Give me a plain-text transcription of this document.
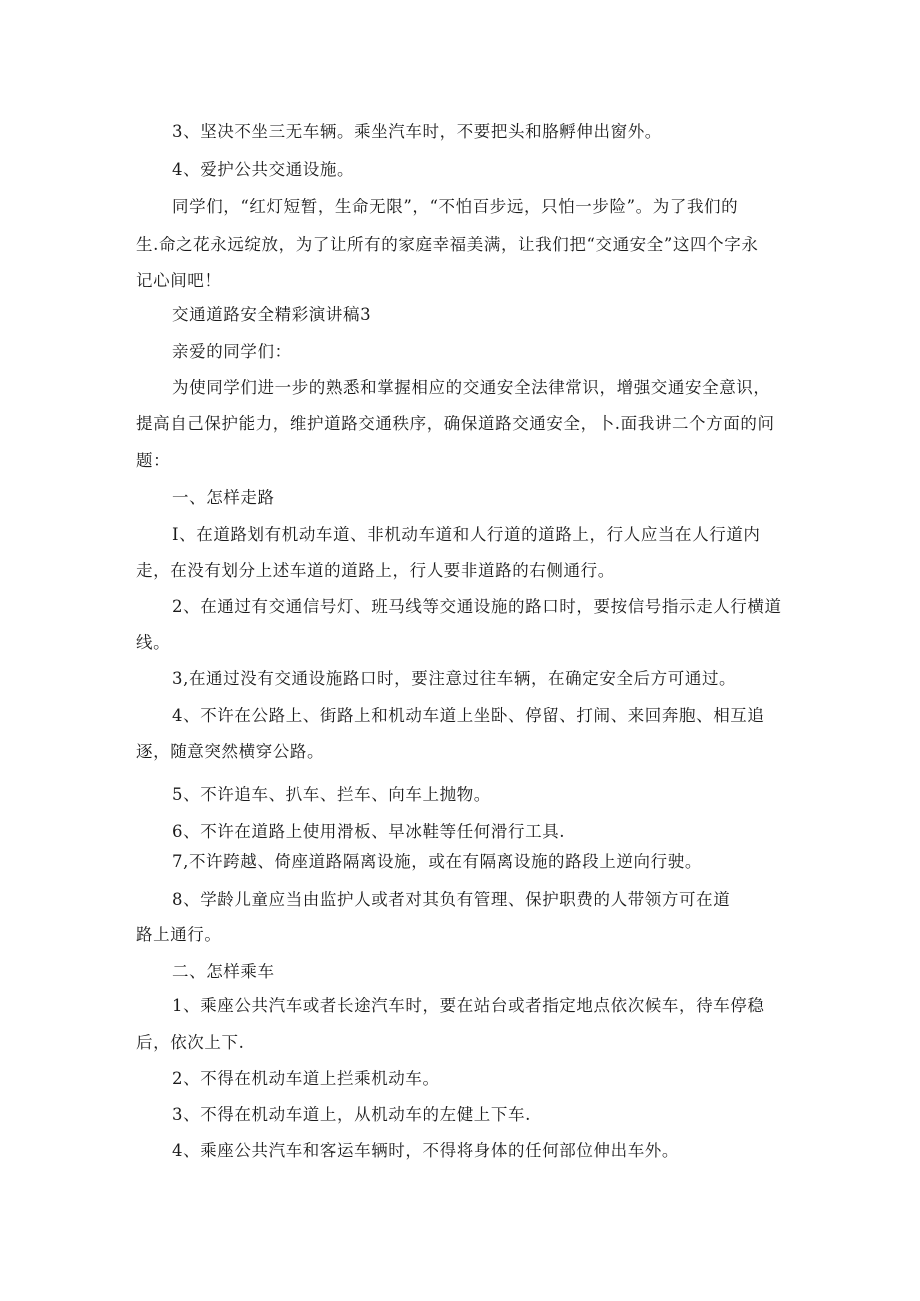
3、坚决不坐三无车辆。乘坐汽车时，不要把头和胳孵伸出窗外。
4、爱护公共交通设施。
同学们，“红灯短暂，生命无限”，“不怕百步远，只怕一步险”。为了我们的
生.命之花永远绽放，为了让所有的家庭幸福美满，让我们把“交通安全”这四个字永
记心间吧！
交通道路安全精彩演讲稿3
亲爱的同学们：
为使同学们进一步的熟悉和掌握相应的交通安全法律常识，增强交通安全意识，
提高自己保护能力，维护道路交通秩序，确保道路交通安全，卜.面我讲二个方面的问
题：
一、怎样走路
I、在道路划有机动车道、非机动车道和人行道的道路上，行人应当在人行道内
走，在没有划分上述车道的道路上，行人要非道路的右侧通行。
2、在通过有交通信号灯、班马线等交通设施的路口时，要按信号指示走人行横道
线。
3,在通过没有交通设施路口时，要注意过往车辆，在确定安全后方可通过。
4、不许在公路上、街路上和机动车道上坐卧、停留、打闹、来回奔胞、相互追
逐，随意突然横穿公路。
5、不许追车、扒车、拦车、向车上抛物。
6、不许在道路上使用滑板、早冰鞋等任何滑行工具.
7,不许跨越、倚座道路隔离设施，或在有隔离设施的路段上逆向行驶。
8、学龄儿童应当由监护人或者对其负有管理、保护职费的人带领方可在道
路上通行。
二、怎样乘车
1、乘座公共汽车或者长途汽车时，要在站台或者指定地点依次候车，待车停稳
后，依次上下.
2、不得在机动车道上拦乘机动车。
3、不得在机动车道上，从机动车的左健上下车.
4、乘座公共汽车和客运车辆时，不得将身体的任何部位伸出车外。
